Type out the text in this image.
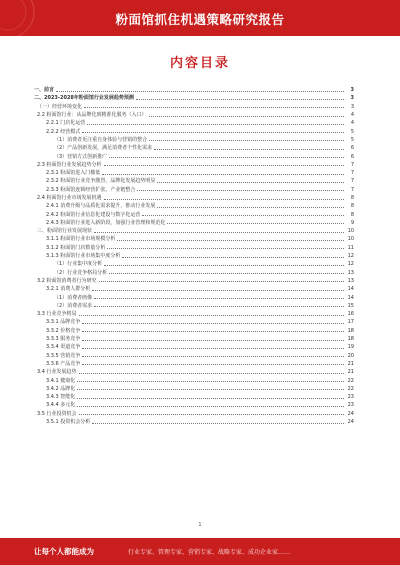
粉面馆抓住机遇策略研究报告
内容目录
一、前言	3
二、2023-2028年粉面馆行业发展趋势预测	3
（一）经营环境变化	3
2.2 粉面馆行业：从品牌化到精准化服务（入口）	4
2.2.1 门店化运营	4
2.2.2 经营模式	5
（1）消费者更注重自身体验与营销的整合	5
（2）产品创新发展，满足消费者个性化需求	6
（3）营销方式创新推广	6
2.3 粉面馆行业发展趋势分析	7
2.3.1 粉面馆进入门槛低	7
2.3.2 粉面馆行业竞争激烈，品牌化发展趋势明显	7
2.3.3 粉面馆连锁经营扩张，产业链整合	7
2.4 粉面馆行业市场发展机遇	8
2.4.1 消费升级与品质化需求提升，推动行业发展	8
2.4.2 粉面馆行业信息化建设与数字化运营	8
2.4.3 粉面馆行业进入新阶段，加强行业管理和规范化	9
三、粉面馆行业发展现状	10
3.1.1 粉面馆行业市场规模分析	10
3.1.2 粉面馆门店数量分析	11
3.1.3 粉面馆行业市场集中度分析	12
（1）行业集中度分析	12
（2）行业竞争格局分析	13
3.2 粉面馆消费者行为研究	13
3.2.1 消费人群分析	14
（1）消费者画像	14
（2）消费者需求	15
3.3 行业竞争格局	16
3.3.1 品牌竞争	17
3.3.2 价格竞争	18
3.3.3 服务竞争	18
3.3.4 渠道竞争	19
3.3.5 营销竞争	20
3.3.6 产品竞争	21
3.4 行业发展趋势	21
3.4.1 健康化	22
3.4.2 品牌化	22
3.4.3 智能化	23
3.4.4 多元化	23
3.5 行业投资机会	24
3.5.1 投资机会分析	24
1
让每个人都能成为	行业专家、管理专家、营销专家、战略专家、成功企业家……
